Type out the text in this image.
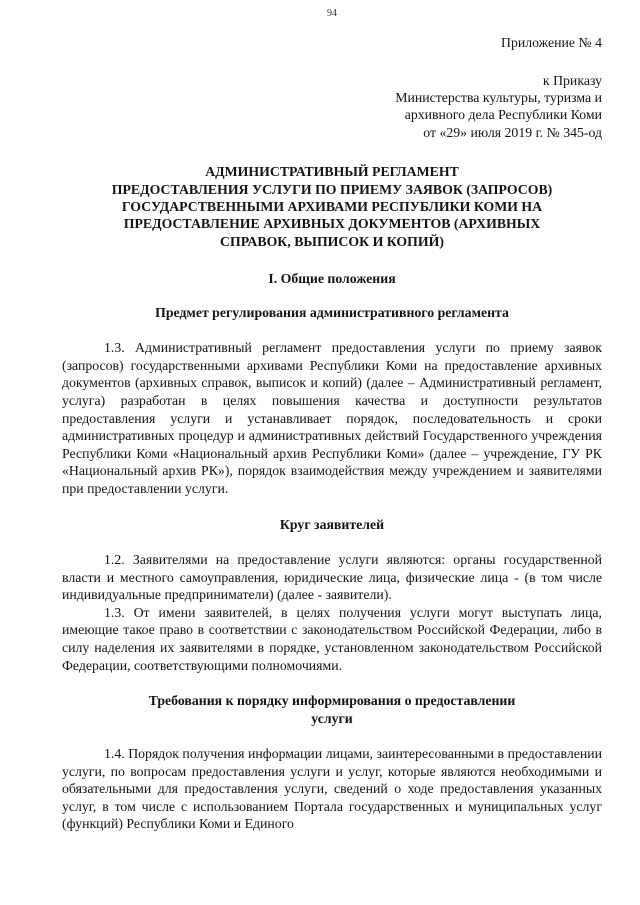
94
Приложение № 4
к Приказу
Министерства культуры, туризма и
архивного дела Республики Коми
от «29» июля 2019 г. № 345-од
АДМИНИСТРАТИВНЫЙ РЕГЛАМЕНТ
ПРЕДОСТАВЛЕНИЯ УСЛУГИ ПО ПРИЕМУ ЗАЯВОК (ЗАПРОСОВ)
ГОСУДАРСТВЕННЫМИ АРХИВАМИ РЕСПУБЛИКИ КОМИ НА
ПРЕДОСТАВЛЕНИЕ АРХИВНЫХ ДОКУМЕНТОВ (АРХИВНЫХ
СПРАВОК, ВЫПИСОК И КОПИЙ)
I. Общие положения
Предмет регулирования административного регламента

1.3. Административный регламент предоставления услуги по приему заявок (запросов) государственными архивами Республики Коми на предоставление архивных документов (архивных справок, выписок и копий) (далее – Административный регламент, услуга) разработан в целях повышения качества и доступности результатов предоставления услуги и устанавливает порядок, последовательность и сроки административных процедур и административных действий Государственного учреждения Республики Коми «Национальный архив Республики Коми» (далее – учреждение, ГУ РК «Национальный архив РК»), порядок взаимодействия между учреждением и заявителями при предоставлении услуги.

Круг заявителей

1.2. Заявителями на предоставление услуги являются: органы государственной власти и местного самоуправления, юридические лица, физические лица - (в том числе индивидуальные предприниматели) (далее - заявители).

1.3. От имени заявителей, в целях получения услуги могут выступать лица, имеющие такое право в соответствии с законодательством Российской Федерации, либо в силу наделения их заявителями в порядке, установленном законодательством Российской Федерации, соответствующими полномочиями.

Требования к порядку информирования о предоставлении
услуги

1.4. Порядок получения информации лицами, заинтересованными в предоставлении услуги, по вопросам предоставления услуги и услуг, которые являются необходимыми и обязательными для предоставления услуги, сведений о ходе предоставления указанных услуг, в том числе с использованием Портала государственных и муниципальных услуг (функций) Республики Коми и Единого
